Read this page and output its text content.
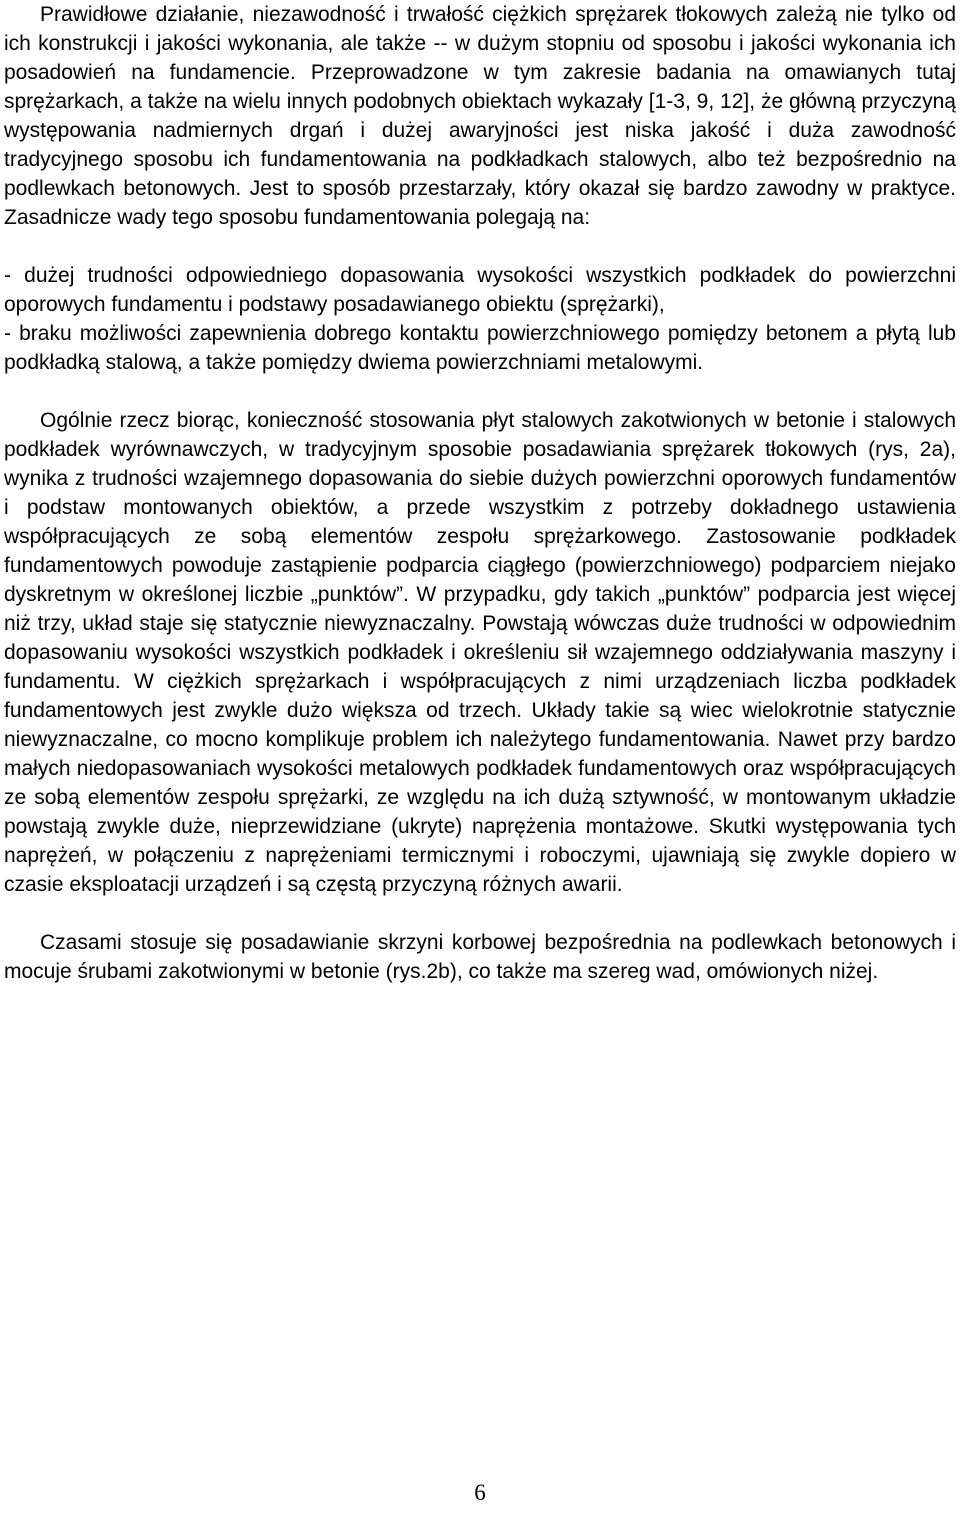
Prawidłowe działanie, niezawodność i trwałość ciężkich sprężarek tłokowych zależą nie tylko od ich konstrukcji i jakości wykonania, ale także -- w dużym stopniu od sposobu i jakości wykonania ich posadowień na fundamencie. Przeprowadzone w tym zakresie badania na omawianych tutaj sprężarkach, a także na wielu innych podobnych obiektach wykazały [1-3, 9, 12], że główną przyczyną występowania nadmiernych drgań i dużej awaryjności jest niska jakość i duża zawodność tradycyjnego sposobu ich fundamentowania na podkładkach stalowych, albo też bezpośrednio na podlewkach betonowych. Jest to sposób przestarzały, który okazał się bardzo zawodny w praktyce. Zasadnicze wady tego sposobu fundamentowania polegają na:

- dużej trudności odpowiedniego dopasowania wysokości wszystkich podkładek do powierzchni oporowych fundamentu i podstawy posadawianego obiektu (sprężarki),

- braku możliwości zapewnienia dobrego kontaktu powierzchniowego pomiędzy betonem a płytą lub podkładką stalową, a także pomiędzy dwiema powierzchniami metalowymi.

Ogólnie rzecz biorąc, konieczność stosowania płyt stalowych zakotwionych w betonie i stalowych podkładek wyrównawczych, w tradycyjnym sposobie posadawiania sprężarek tłokowych (rys, 2a), wynika z trudności wzajemnego dopasowania do siebie dużych powierzchni oporowych fundamentów i podstaw montowanych obiektów, a przede wszystkim z potrzeby dokładnego ustawienia współpracujących ze sobą elementów zespołu sprężarkowego. Zastosowanie podkładek fundamentowych powoduje zastąpienie podparcia ciągłego (powierzchniowego) podparciem niejako dyskretnym w określonej liczbie „punktów”. W przypadku, gdy takich „punktów” podparcia jest więcej niż trzy, układ staje się statycznie niewyznaczalny. Powstają wówczas duże trudności w odpowiednim dopasowaniu wysokości wszystkich podkładek i określeniu sił wzajemnego oddziaływania maszyny i fundamentu. W ciężkich sprężarkach i współpracujących z nimi urządzeniach liczba podkładek fundamentowych jest zwykle dużo większa od trzech. Układy takie są wiec wielokrotnie statycznie niewyznaczalne, co mocno komplikuje problem ich należytego fundamentowania. Nawet przy bardzo małych niedopasowaniach wysokości metalowych podkładek fundamentowych oraz współpracujących ze sobą elementów zespołu sprężarki, ze względu na ich dużą sztywność, w montowanym układzie powstają zwykle duże, nieprzewidziane (ukryte) naprężenia montażowe. Skutki występowania tych naprężeń, w połączeniu z naprężeniami termicznymi i roboczymi, ujawniają się zwykle dopiero w czasie eksploatacji urządzeń i są częstą przyczyną różnych awarii.

Czasami stosuje się posadawianie skrzyni korbowej bezpośrednia na podlewkach betonowych i mocuje śrubami zakotwionymi w betonie (rys.2b), co także ma szereg wad, omówionych niżej.

6
